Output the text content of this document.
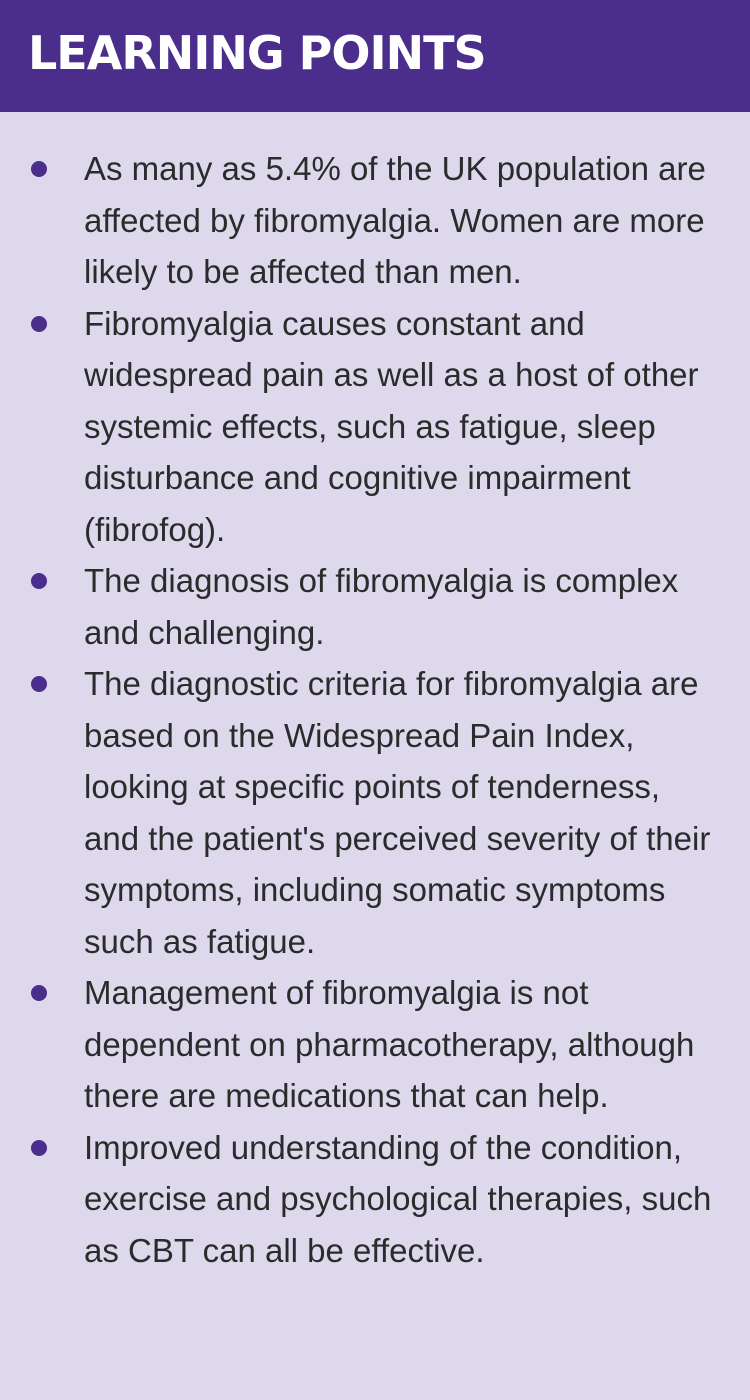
LEARNING POINTS
As many as 5.4% of the UK population are affected by fibromyalgia. Women are more likely to be affected than men.
Fibromyalgia causes constant and widespread pain as well as a host of other systemic effects, such as fatigue, sleep disturbance and cognitive impairment (fibrofog).
The diagnosis of fibromyalgia is complex and challenging.
The diagnostic criteria for fibromyalgia are based on the Widespread Pain Index, looking at specific points of tenderness, and the patient's perceived severity of their symptoms, including somatic symptoms such as fatigue.
Management of fibromyalgia is not dependent on pharmacotherapy, although there are medications that can help.
Improved understanding of the condition, exercise and psychological therapies, such as CBT can all be effective.
